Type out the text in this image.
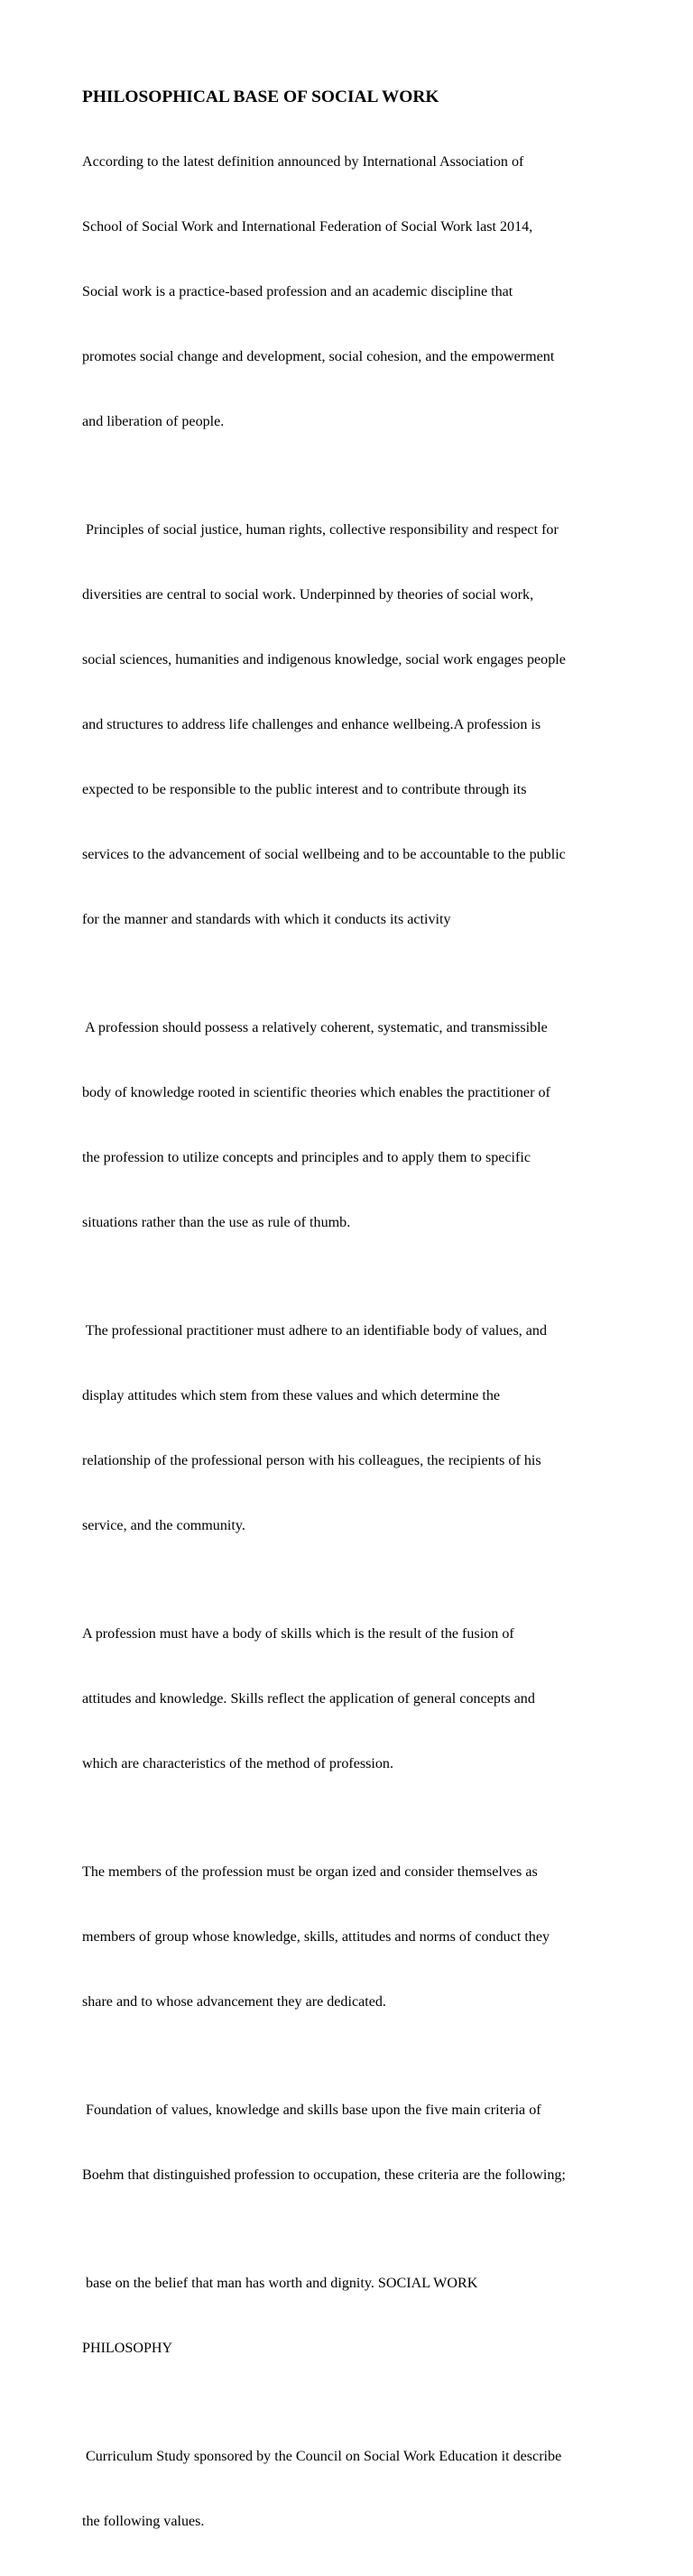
PHILOSOPHICAL BASE OF SOCIAL WORK

According to the latest definition announced by International Association of

School of Social Work and International Federation of Social Work last 2014,

Social work is a practice-based profession and an academic discipline that

promotes social change and development, social cohesion, and the empowerment

and liberation of people.

Principles of social justice, human rights, collective responsibility and respect for

diversities are central to social work. Underpinned by theories of social work,

social sciences, humanities and indigenous knowledge, social work engages people

and structures to address life challenges and enhance wellbeing.A profession is

expected to be responsible to the public interest and to contribute through its

services to the advancement of social wellbeing and to be accountable to the public

for the manner and standards with which it conducts its activity

A profession should possess a relatively coherent, systematic, and transmissible

body of knowledge rooted in scientific theories which enables the practitioner of

the profession to utilize concepts and principles and to apply them to specific

situations rather than the use as rule of thumb.

The professional practitioner must adhere to an identifiable body of values, and

display attitudes which stem from these values and which determine the

relationship of the professional person with his colleagues, the recipients of his

service, and the community.

A profession must have a body of skills which is the result of the fusion of

attitudes and knowledge. Skills reflect the application of general concepts and

which are characteristics of the method of profession.

The members of the profession must be organ ized and consider themselves as

members of group whose knowledge, skills, attitudes and norms of conduct they

share and to whose advancement they are dedicated.

Foundation of values, knowledge and skills base upon the five main criteria of

Boehm that distinguished profession to occupation, these criteria are the following;

base on the belief that man has worth and dignity. SOCIAL WORK

PHILOSOPHY

Curriculum Study sponsored by the Council on Social Work Education it describe

the following values.
